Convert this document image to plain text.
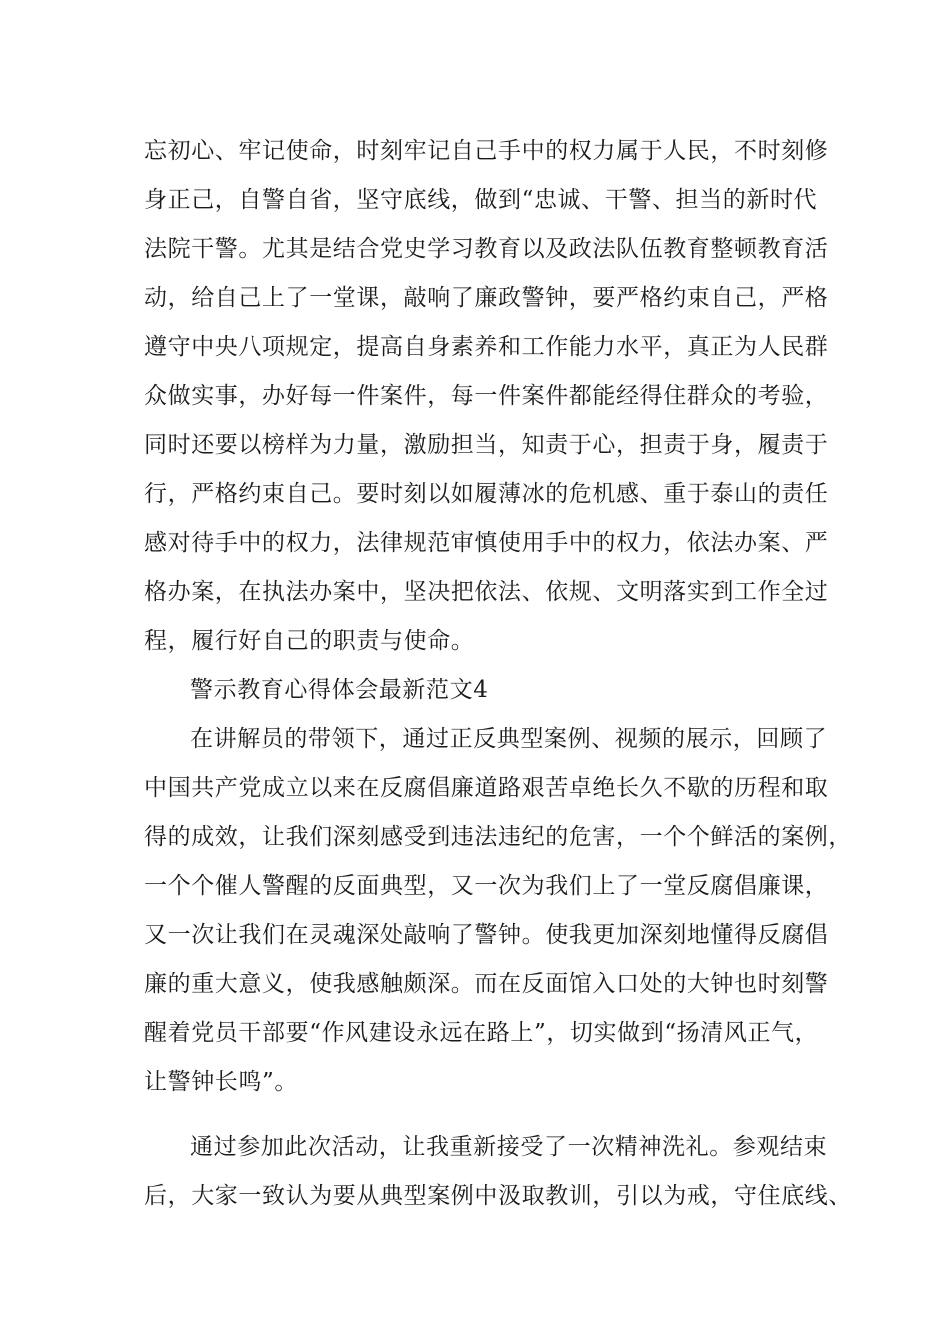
忘初心、牢记使命，时刻牢记自己手中的权力属于人民，不时刻修
身正己，自警自省，坚守底线，做到“忠诚、干警、担当的新时代
法院干警。尤其是结合党史学习教育以及政法队伍教育整顿教育活
动，给自己上了一堂课，敲响了廉政警钟，要严格约束自己，严格
遵守中央八项规定，提高自身素养和工作能力水平，真正为人民群
众做实事，办好每一件案件，每一件案件都能经得住群众的考验，
同时还要以榜样为力量，激励担当，知责于心，担责于身，履责于
行，严格约束自己。要时刻以如履薄冰的危机感、重于泰山的责任
感对待手中的权力，法律规范审慎使用手中的权力，依法办案、严
格办案，在执法办案中，坚决把依法、依规、文明落实到工作全过
程，履行好自己的职责与使命。
警示教育心得体会最新范文4
在讲解员的带领下，通过正反典型案例、视频的展示，回顾了
中国共产党成立以来在反腐倡廉道路艰苦卓绝长久不歇的历程和取
得的成效，让我们深刻感受到违法违纪的危害，一个个鲜活的案例，
一个个催人警醒的反面典型，又一次为我们上了一堂反腐倡廉课，
又一次让我们在灵魂深处敲响了警钟。使我更加深刻地懂得反腐倡
廉的重大意义，使我感触颇深。而在反面馆入口处的大钟也时刻警
醒着党员干部要“作风建设永远在路上”，切实做到“扬清风正气，
让警钟长鸣”。
通过参加此次活动，让我重新接受了一次精神洗礼。参观结束
后，大家一致认为要从典型案例中汲取教训，引以为戒，守住底线、
